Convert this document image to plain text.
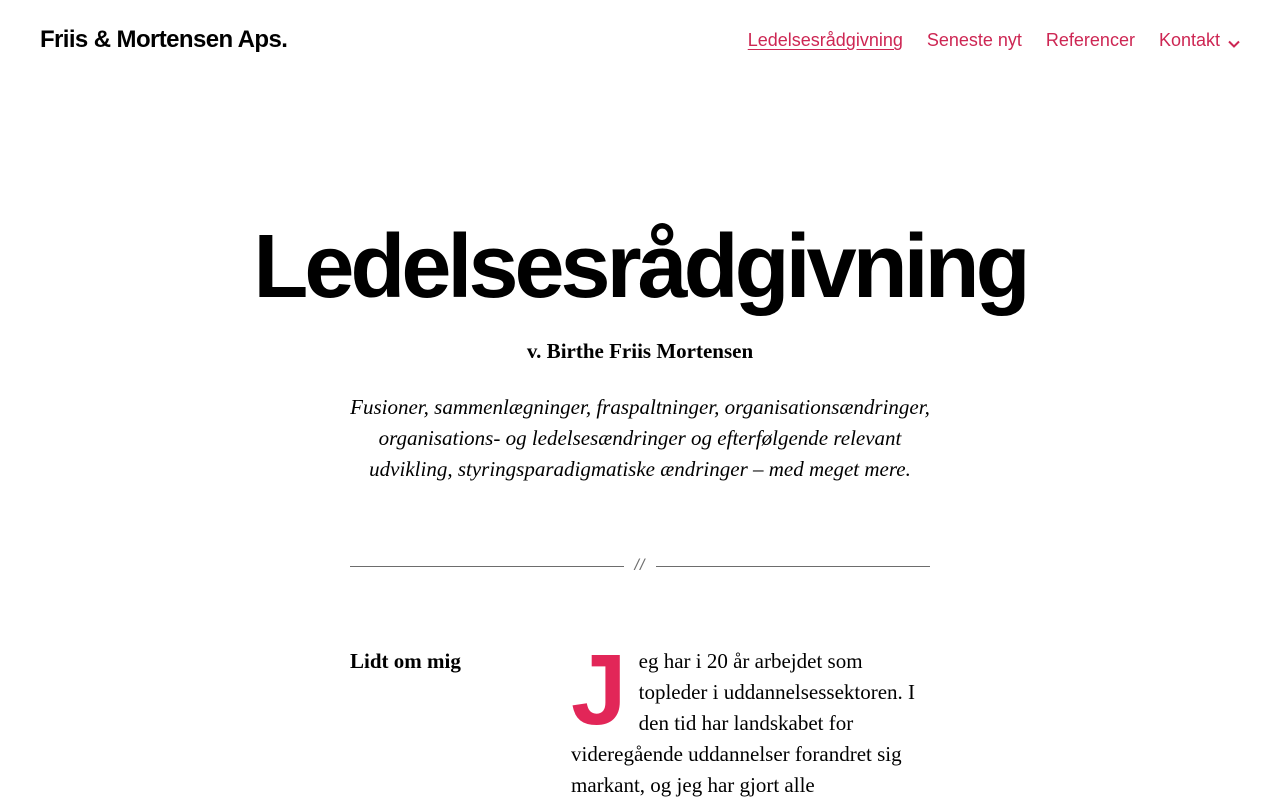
Friis & Mortensen Aps.	Ledelsesrådgivning Seneste nyt Referencer Kontakt
Ledelsesrådgivning
v. Birthe Friis Mortensen
Fusioner, sammenlægninger, fraspaltninger, organisationsændringer, organisations- og ledelsesændringer og efterfølgende relevant udvikling, styringsparadigmatiske ændringer – med meget mere.
//
Lidt om mig J eg har i 20 år arbejdet som topleder i uddannelsessektoren. I den tid har landskabet for videregående uddannelser forandret sig markant, og jeg har gjort alle
